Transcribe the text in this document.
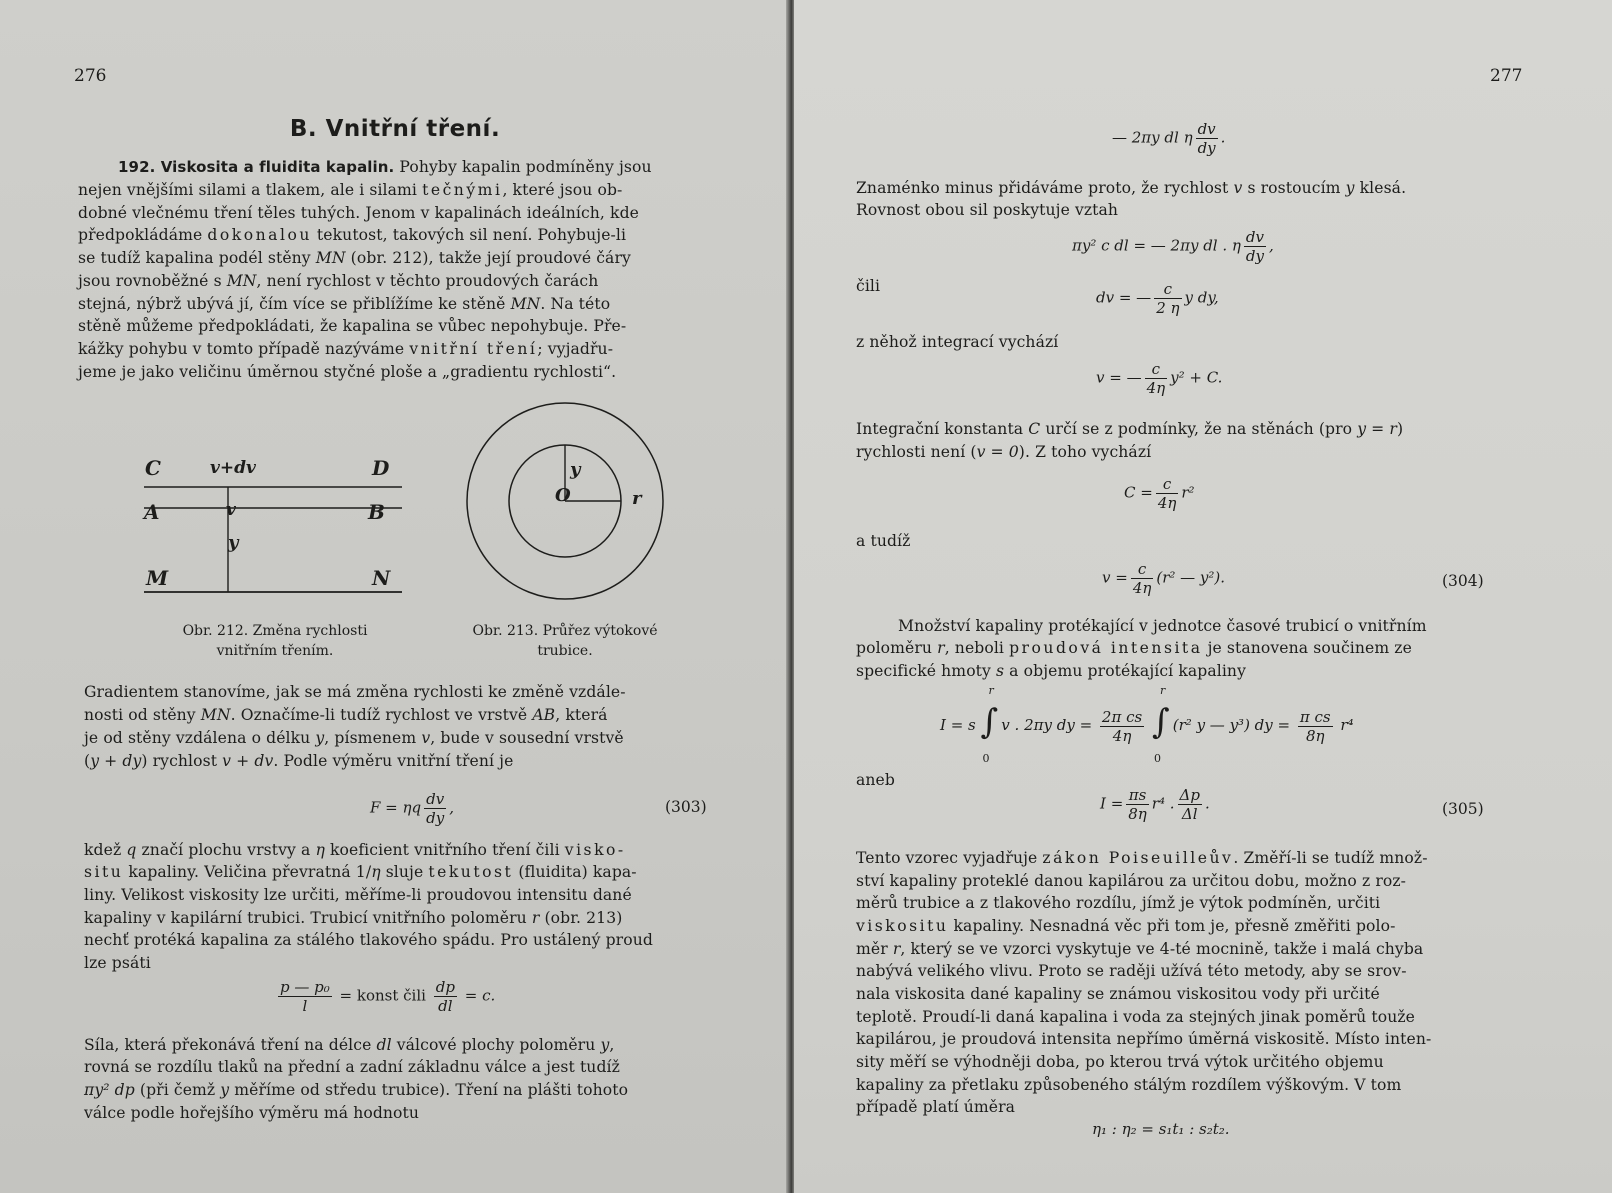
276
B. Vnitřní tření.
192. Viskosita a fluidita kapalin. Pohyby kapalin podmíněny jsou
nejen vnějšími silami a tlakem, ale i silami tečnými, které jsou ob-
dobné vlečnému tření těles tuhých. Jenom v kapalinách ideálních, kde
předpokládáme dokonalou tekutost, takových sil není. Pohybuje-li
se tudíž kapalina podél stěny MN (obr. 212), takže její proudové čáry
jsou rovnoběžné s MN, není rychlost v těchto proudových čarách
stejná, nýbrž ubývá jí, čím více se přiblížíme ke stěně MN. Na této
stěně můžeme předpokládati, že kapalina se vůbec nepohybuje. Pře-
kážky pohybu v tomto případě nazýváme vnitřní tření; vyjadřu-
jeme je jako veličinu úměrnou styčné ploše a „gradientu rychlosti“.
C	v+dv	D
A	v	B
y
M	N
Obr. 212. Změna rychlosti
vnitřním třením.
y
O	r
Obr. 213. Průřez výtokové
trubice.
Gradientem stanovíme, jak se má změna rychlosti ke změně vzdále-
nosti od stěny MN. Označíme-li tudíž rychlost ve vrstvě AB, která
je od stěny vzdálena o délku y, písmenem v, bude v sousední vrstvě
(y + dy) rychlost v + dv. Podle výměru vnitřní tření je
F = ηq $\frac{dv}{dy}$ ,	(303)
kdež q značí plochu vrstvy a η koeficient vnitřního tření čili visko-
situ kapaliny. Veličina převratná 1/η sluje tekutost (fluidita) kapa-
liny. Velikost viskosity lze určiti, měříme-li proudovou intensitu dané
kapaliny v kapilární trubici. Trubicí vnitřního poloměru r (obr. 213)
nechť protéká kapalina za stálého tlakového spádu. Pro ustálený proud
lze psáti
$\frac{\text{p — p₀}}{l}$ = konst čili $\frac{dp}{dl} = c$.
Síla, která překonává tření na délce dl válcové plochy poloměru y,
rovná se rozdílu tlaků na přední a zadní základnu válce a jest tudíž
πy² dp (při čemž y měříme od středu trubice). Tření na plášti tohoto
válce podle hořejšího výměru má hodnotu
277
— 2πy dl η $\frac{dv}{dy}$ .
Znaménko minus přidáváme proto, že rychlost v s rostoucím y klesá.
Rovnost obou sil poskytuje vztah
πy² c dl = — 2πy dl . η $\frac{dv}{dy}$ ,
čili
dv = — $\frac{c}{2 \eta}$ y dy,
z něhož integrací vychází
v = — $\frac{c}{4\eta} y^2 + C$.
Integrační konstanta C určí se z podmínky, že na stěnách (pro y = r)
rychlosti není (v = 0). Z toho vychází
$C = \frac{c}{4\eta} r^2$
a tudíž
$v = \frac{c}{4\eta} (r^2$ — y²).	(304)
Množství kapaliny protékající v jednotce časové trubicí o vnitřním
poloměru r, neboli proudová intensita je stanovena součinem ze
specifické hmoty s a objemu protékající kapaliny
I = s ∫
r
0
v . 2πy dy = $\frac{\text{2π cs}}{4\eta}$
∫
r
0
(r² y — y³) dy = $\frac{\text{π cs}}{8\eta} r^4$
aneb
$I = \frac{\pi s}{8\eta} r^4$ . $\frac{\Delta p}{\Delta l}$ .	(305)
Tento vzorec vyjadřuje zákon Poiseuilleův. Změří-li se tudíž množ-
ství kapaliny proteklé danou kapilárou za určitou dobu, možno z roz-
měrů trubice a z tlakového rozdílu, jímž je výtok podmíněn, určiti
viskositu kapaliny. Nesnadná věc při tom je, přesně změřiti polo-
měr r, který se ve vzorci vyskytuje ve 4-té mocnině, takže i malá chyba
nabývá velikého vlivu. Proto se raději užívá této metody, aby se srov-
nala viskosita dané kapaliny se známou viskositou vody při určité
teplotě. Proudí-li daná kapalina i voda za stejných jinak poměrů touže
kapilárou, je proudová intensita nepřímo úměrná viskositě. Místo inten-
sity měří se výhodněji doba, po kterou trvá výtok určitého objemu
kapaliny za přetlaku způsobeného stálým rozdílem výškovým. V tom
případě platí úměra
η₁ : η₂ = s₁t₁ : s₂t₂.
